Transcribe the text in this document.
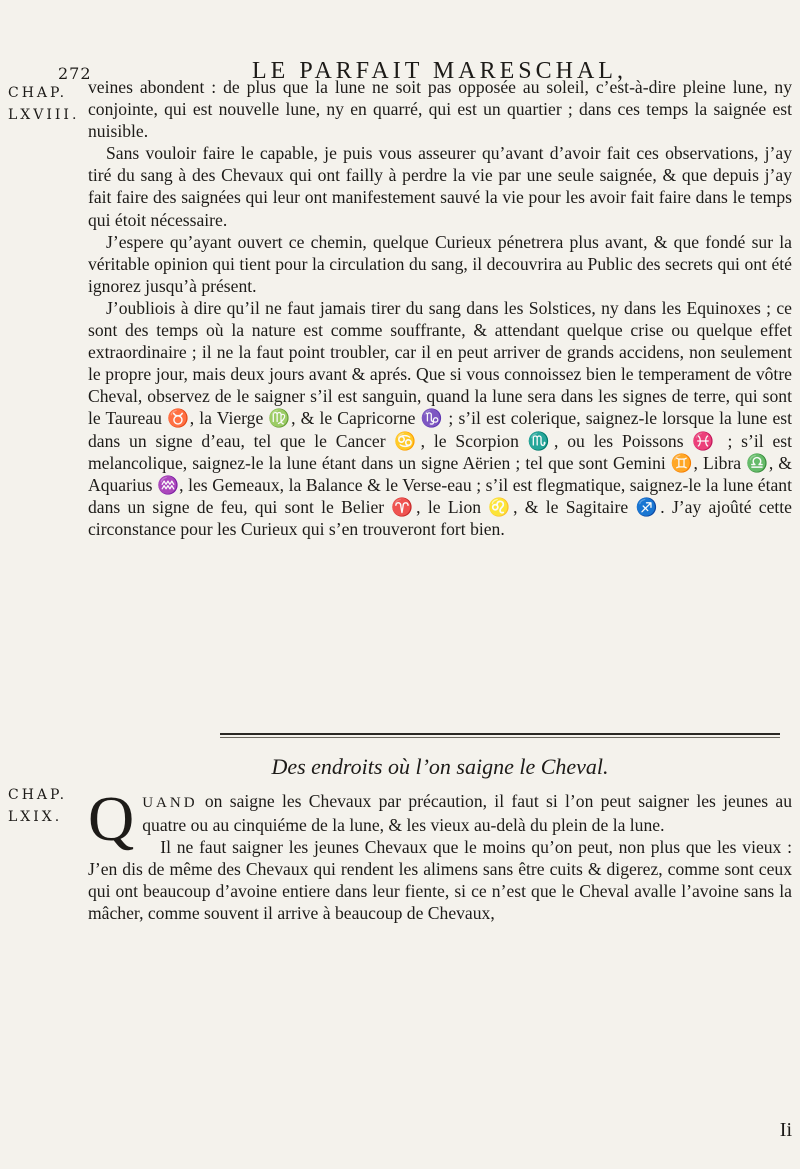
272	LE PARFAIT MARESCHAL,
CHAP.
LXVIII.

veines abondent : de plus que la lune ne soit pas opposée au soleil, c’est-à-dire pleine lune, ny conjointe, qui est nouvelle lune, ny en quarré, qui est un quartier ; dans ces temps la saignée est nuisible.

Sans vouloir faire le capable, je puis vous asseurer qu’avant d’avoir fait ces observations, j’ay tiré du sang à des Chevaux qui ont failly à perdre la vie par une seule saignée, & que depuis j’ay fait faire des saignées qui leur ont manifestement sauvé la vie pour les avoir fait faire dans le temps qui étoit nécessaire.

J’espere qu’ayant ouvert ce chemin, quelque Curieux pénetrera plus avant, & que fondé sur la véritable opinion qui tient pour la circulation du sang, il decouvrira au Public des secrets qui ont été ignorez jusqu’à présent.

J’oubliois à dire qu’il ne faut jamais tirer du sang dans les Solstices, ny dans les Equinoxes ; ce sont des temps où la nature est comme souffrante, & attendant quelque crise ou quelque effet extraordinaire ; il ne la faut point troubler, car il en peut arriver de grands accidens, non seulement le propre jour, mais deux jours avant & aprés. Que si vous connoissez bien le temperament de vôtre Cheval, observez de le saigner s’il est sanguin, quand la lune sera dans les signes de terre, qui sont le Taureau ♉, la Vierge ♍, & le Capricorne ♑ ; s’il est colerique, saignez-le lorsque la lune est dans un signe d’eau, tel que le Cancer ♋, le Scorpion ♏, ou les Poissons ♓ ; s’il est melancolique, saignez-le la lune étant dans un signe Aërien ; tel que sont Gemini ♊, Libra ♎, & Aquarius ♒, les Gemeaux, la Balance & le Verse-eau ; s’il est flegmatique, saignez-le la lune étant dans un signe de feu, qui sont le Belier ♈, le Lion ♌, & le Sagitaire ♐. J’ay ajoûté cette circonstance pour les Curieux qui s’en trouveront fort bien.

Des endroits où l’on saigne le Cheval.
CHAP.
LXIX. QUAND on saigne les Chevaux par précaution, il faut si l’on peut saigner les jeunes au quatre ou au cinquiéme de la lune, & les vieux au-delà du plein de la lune.

Il ne faut saigner les jeunes Chevaux que le moins qu’on peut, non plus que les vieux : J’en dis de même des Chevaux qui rendent les alimens sans être cuits & digerez, comme sont ceux qui ont beaucoup d’avoine entiere dans leur fiente, si ce n’est que le Cheval avalle l’avoine sans la mâcher, comme souvent il arrive à beaucoup de Chevaux,

Ii
